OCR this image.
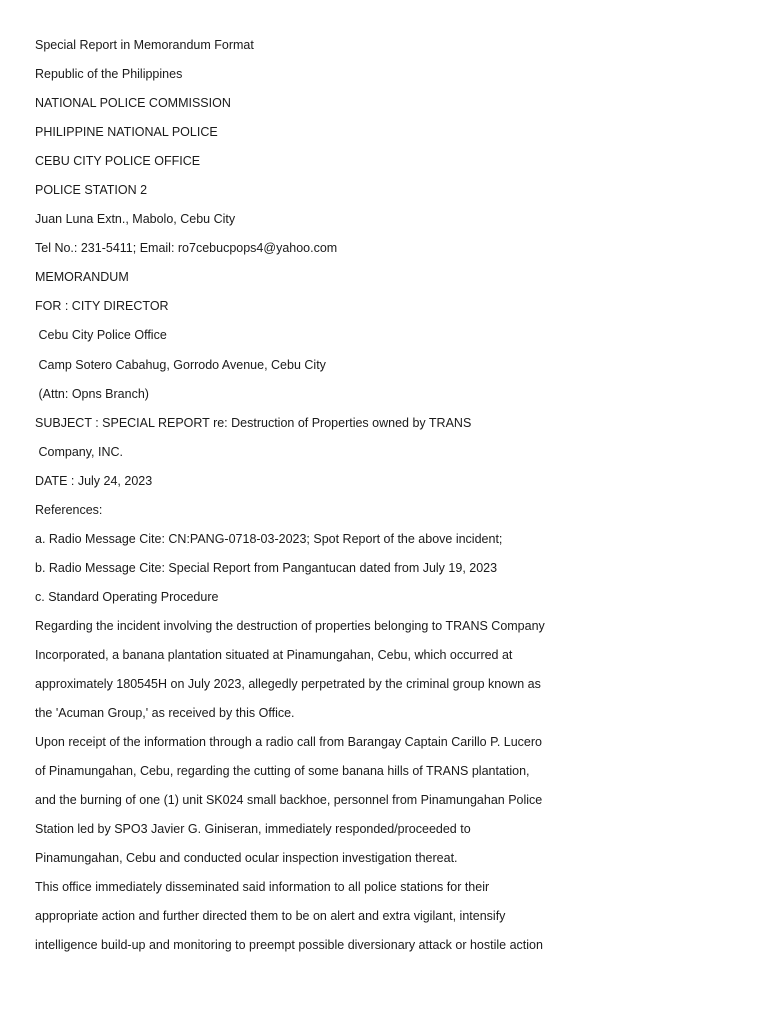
Special Report in Memorandum Format
Republic of the Philippines
NATIONAL POLICE COMMISSION
PHILIPPINE NATIONAL POLICE
CEBU CITY POLICE OFFICE
POLICE STATION 2
Juan Luna Extn., Mabolo, Cebu City
Tel No.: 231-5411; Email: ro7cebucpops4@yahoo.com
MEMORANDUM
FOR : CITY DIRECTOR
Cebu City Police Office
Camp Sotero Cabahug, Gorrodo Avenue, Cebu City
(Attn: Opns Branch)
SUBJECT : SPECIAL REPORT re: Destruction of Properties owned by TRANS
Company, INC.
DATE : July 24, 2023
References:
a. Radio Message Cite: CN:PANG-0718-03-2023; Spot Report of the above incident;
b. Radio Message Cite: Special Report from Pangantucan dated from July 19, 2023
c. Standard Operating Procedure
Regarding the incident involving the destruction of properties belonging to TRANS Company
Incorporated, a banana plantation situated at Pinamungahan, Cebu, which occurred at
approximately 180545H on July 2023, allegedly perpetrated by the criminal group known as
the 'Acuman Group,' as received by this Office.
Upon receipt of the information through a radio call from Barangay Captain Carillo P. Lucero
of Pinamungahan, Cebu, regarding the cutting of some banana hills of TRANS plantation,
and the burning of one (1) unit SK024 small backhoe, personnel from Pinamungahan Police
Station led by SPO3 Javier G. Giniseran, immediately responded/proceeded to
Pinamungahan, Cebu and conducted ocular inspection investigation thereat.
This office immediately disseminated said information to all police stations for their
appropriate action and further directed them to be on alert and extra vigilant, intensify
intelligence build-up and monitoring to preempt possible diversionary attack or hostile action
